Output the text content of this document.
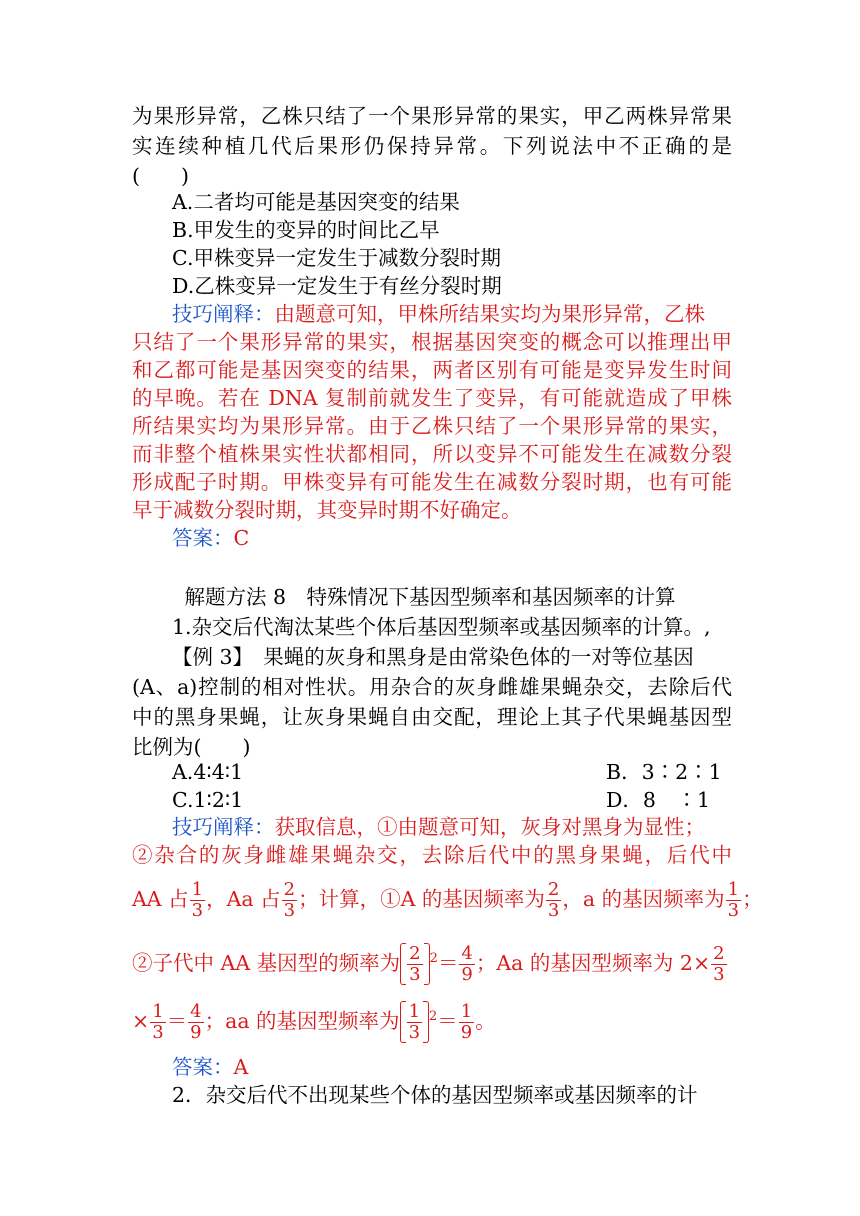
为果形异常，乙株只结了一个果形异常的果实，甲乙两株异常果
实连续种植几代后果形仍保持异常。下列说法中不正确的是
(　　)
A.二者均可能是基因突变的结果
B.甲发生的变异的时间比乙早
C.甲株变异一定发生于减数分裂时期
D.乙株变异一定发生于有丝分裂时期
技巧阐释：由题意可知，甲株所结果实均为果形异常，乙株
只结了一个果形异常的果实，根据基因突变的概念可以推理出甲
和乙都可能是基因突变的结果，两者区别有可能是变异发生时间
的早晚。若在 DNA 复制前就发生了变异，有可能就造成了甲株
所结果实均为果形异常。由于乙株只结了一个果形异常的果实，
而非整个植株果实性状都相同，所以变异不可能发生在减数分裂
形成配子时期。甲株变异有可能发生在减数分裂时期，也有可能
早于减数分裂时期，其变异时期不好确定。
答案：C
解题方法 8　特殊情况下基因型频率和基因频率的计算
1.杂交后代淘汰某些个体后基因型频率或基因频率的计算。,
【例 3】　果蝇的灰身和黑身是由常染色体的一对等位基因
(A、a)控制的相对性状。用杂合的灰身雌雄果蝇杂交，去除后代
中的黑身果蝇，让灰身果蝇自由交配，理论上其子代果蝇基因型
比例为(　　)
A.4∶4∶1	B．3∶2∶1
C.1∶2∶1	D．8　∶1
技巧阐释：获取信息，①由题意可知，灰身对黑身为显性；
②杂合的灰身雌雄果蝇杂交，去除后代中的黑身果蝇，后代中
AA 占 $\frac{1}{3}$ ，Aa 占 $\frac{2}{3}$ ；计算，①A 的基因频率为 $\frac{2}{3}$ ，a 的基因频率为 $\frac{1}{3}$ ；
②子代中 AA 基因型的频率为 $\frac{2}{3} ^2= \frac{4}{9}$ ；Aa 的基因型频率为 $2\times \frac{2}{3}$
× $\frac{1}{3} = \frac{4}{9}$ ；aa 的基因型频率为 $\frac{1}{3} ^2= \frac{1}{9}$ 。
答案：A
2．杂交后代不出现某些个体的基因型频率或基因频率的计
